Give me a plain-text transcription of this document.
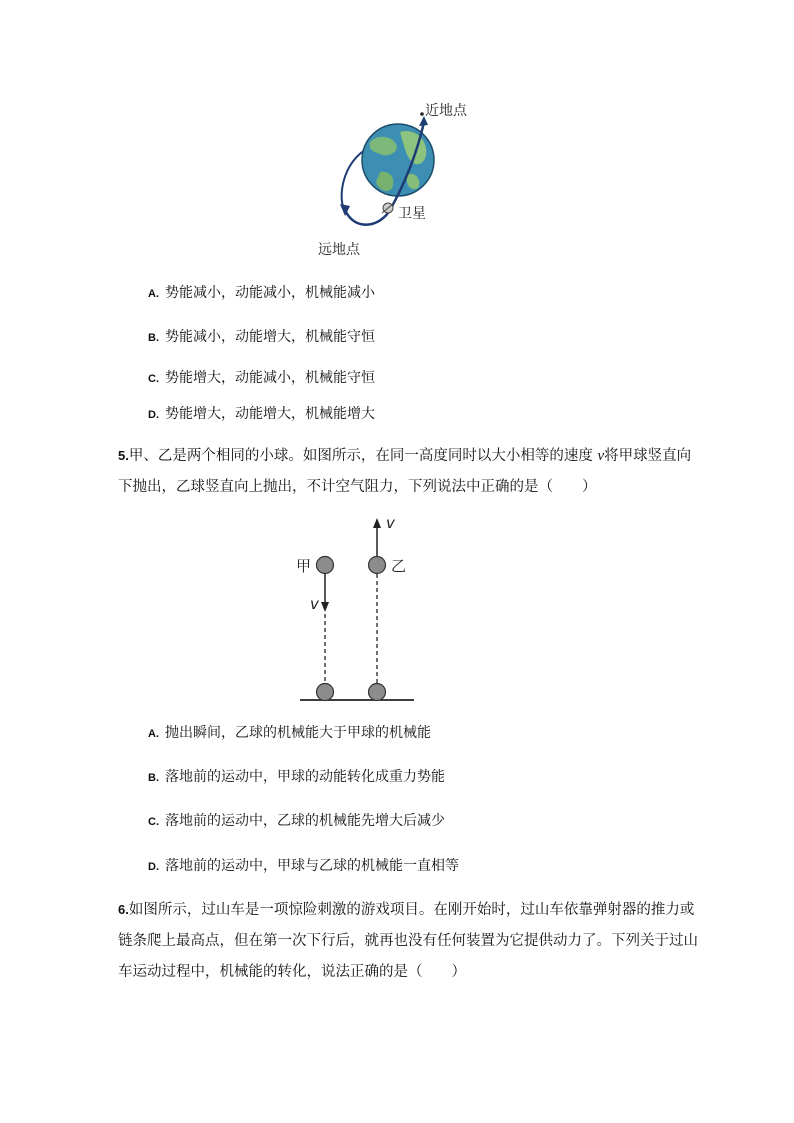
近地点
卫星
远地点
A. 势能减小，动能减小，机械能减小
B. 势能减小，动能增大，机械能守恒
C. 势能增大，动能减小，机械能守恒
D. 势能增大，动能增大，机械能增大
5.甲、乙是两个相同的小球。如图所示，在同一高度同时以大小相等的速度 v将甲球竖直向下抛出，乙球竖直向上抛出，不计空气阻力，下列说法中正确的是（　　）
甲	乙
v
v
A. 抛出瞬间，乙球的机械能大于甲球的机械能
B. 落地前的运动中，甲球的动能转化成重力势能
C. 落地前的运动中，乙球的机械能先增大后减少
D. 落地前的运动中，甲球与乙球的机械能一直相等
6.如图所示，过山车是一项惊险刺激的游戏项目。在刚开始时，过山车依靠弹射器的推力或链条爬上最高点，但在第一次下行后，就再也没有任何装置为它提供动力了。下列关于过山车运动过程中，机械能的转化，说法正确的是（　　）
